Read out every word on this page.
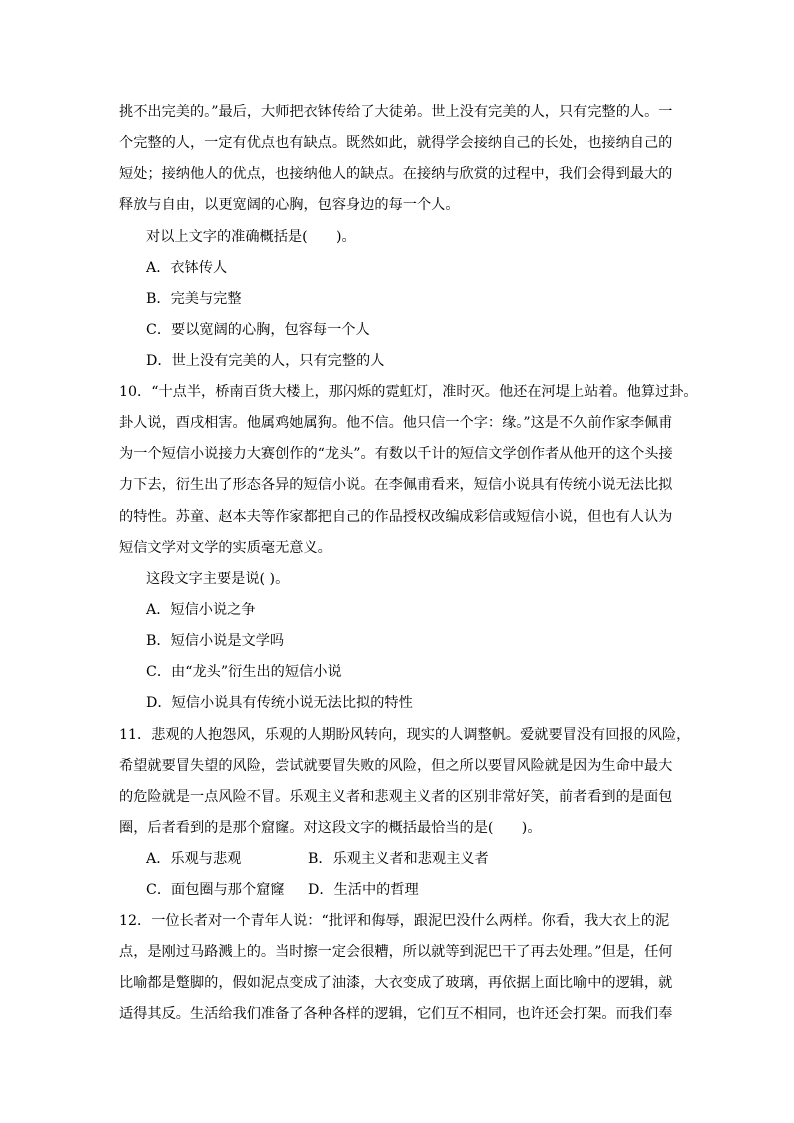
挑不出完美的。”最后，大师把衣钵传给了大徒弟。世上没有完美的人，只有完整的人。一
个完整的人，一定有优点也有缺点。既然如此，就得学会接纳自己的长处，也接纳自己的
短处；接纳他人的优点，也接纳他人的缺点。在接纳与欣赏的过程中，我们会得到最大的
释放与自由，以更宽阔的心胸，包容身边的每一个人。
对以上文字的准确概括是(　　)。
A．衣钵传人
B．完美与完整
C．要以宽阔的心胸，包容每一个人
D．世上没有完美的人，只有完整的人
10．“十点半，桥南百货大楼上，那闪烁的霓虹灯，准时灭。他还在河堤上站着。他算过卦。
卦人说，酉戌相害。他属鸡她属狗。他不信。他只信一个字：缘。”这是不久前作家李佩甫
为一个短信小说接力大赛创作的“龙头”。有数以千计的短信文学创作者从他开的这个头接
力下去，衍生出了形态各异的短信小说。在李佩甫看来，短信小说具有传统小说无法比拟
的特性。苏童、赵本夫等作家都把自己的作品授权改编成彩信或短信小说，但也有人认为
短信文学对文学的实质毫无意义。
这段文字主要是说( )。
A．短信小说之争
B．短信小说是文学吗
C．由“龙头”衍生出的短信小说
D．短信小说具有传统小说无法比拟的特性
11．悲观的人抱怨风，乐观的人期盼风转向，现实的人调整帆。爱就要冒没有回报的风险，
希望就要冒失望的风险，尝试就要冒失败的风险，但之所以要冒风险就是因为生命中最大
的危险就是一点风险不冒。乐观主义者和悲观主义者的区别非常好笑，前者看到的是面包
圈，后者看到的是那个窟窿。对这段文字的概括最恰当的是(　　)。
A．乐观与悲观	B．乐观主义者和悲观主义者
C．面包圈与那个窟窿 D．生活中的哲理
12．一位长者对一个青年人说：“批评和侮辱，跟泥巴没什么两样。你看，我大衣上的泥
点，是刚过马路溅上的。当时擦一定会很糟，所以就等到泥巴干了再去处理。”但是，任何
比喻都是蹩脚的，假如泥点变成了油漆，大衣变成了玻璃，再依据上面比喻中的逻辑，就
适得其反。生活给我们准备了各种各样的逻辑，它们互不相同，也许还会打架。而我们奉
